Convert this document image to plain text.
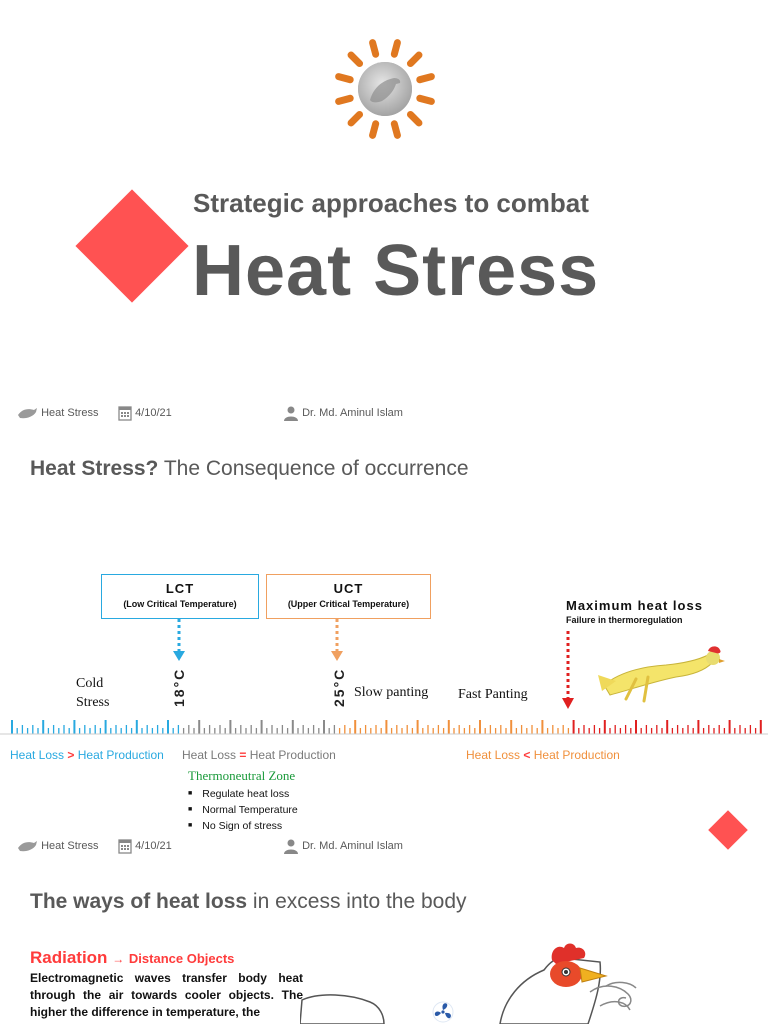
Strategic approaches to combat
Heat Stress
Heat Stress	4/10/21	Dr. Md. Aminul Islam
Heat Stress? The Consequence of occurrence
LCT
(Low Critical Temperature)
UCT
(Upper Critical Temperature)	Maximum heat loss
Failure in thermoregulation
18°C	25°C
Cold Stress
Slow panting Fast Panting
Heat Loss > Heat Production Heat Loss = Heat Production	Heat Loss < Heat Production
Thermoneutral Zone
■ Regulate heat loss
■ Normal Temperature
■ No Sign of stress
Heat Stress	4/10/21	Dr. Md. Aminul Islam
The ways of heat loss in excess into the body
Radiation → Distance Objects
Electromagnetic waves transfer body heat through the air towards cooler objects. The higher the difference in temperature, the
